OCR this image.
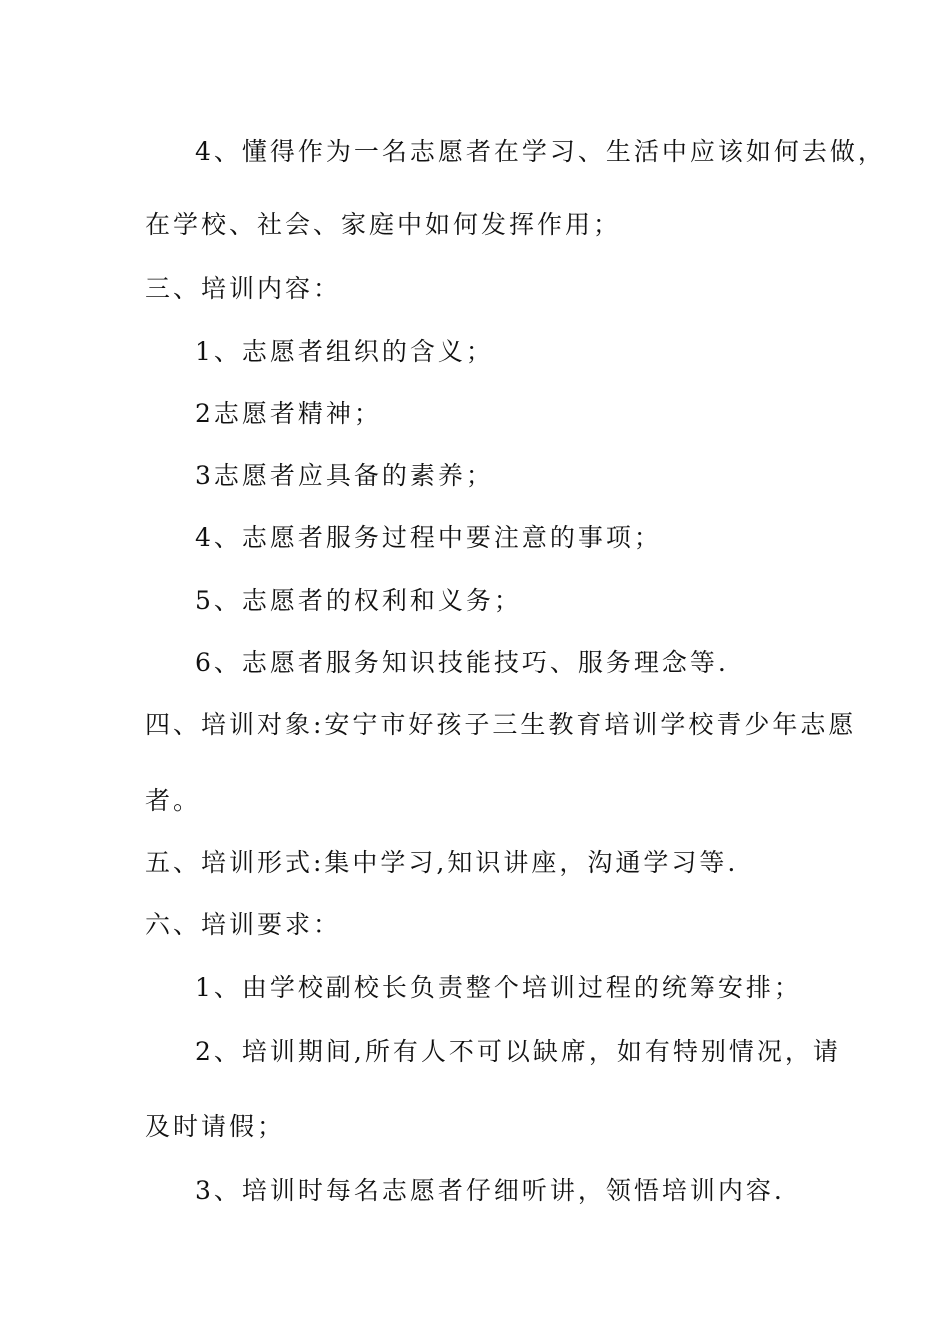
4、懂得作为一名志愿者在学习、生活中应该如何去做，
在学校、社会、家庭中如何发挥作用；
三、培训内容：
1、志愿者组织的含义；
2志愿者精神；
3志愿者应具备的素养；
4、志愿者服务过程中要注意的事项；
5、志愿者的权利和义务；
6、志愿者服务知识技能技巧、服务理念等.
四、培训对象:安宁市好孩子三生教育培训学校青少年志愿
者。
五、培训形式:集中学习,知识讲座，沟通学习等.
六、培训要求：
1、由学校副校长负责整个培训过程的统筹安排；
2、培训期间,所有人不可以缺席，如有特别情况，请
及时请假；
3、培训时每名志愿者仔细听讲，领悟培训内容.
